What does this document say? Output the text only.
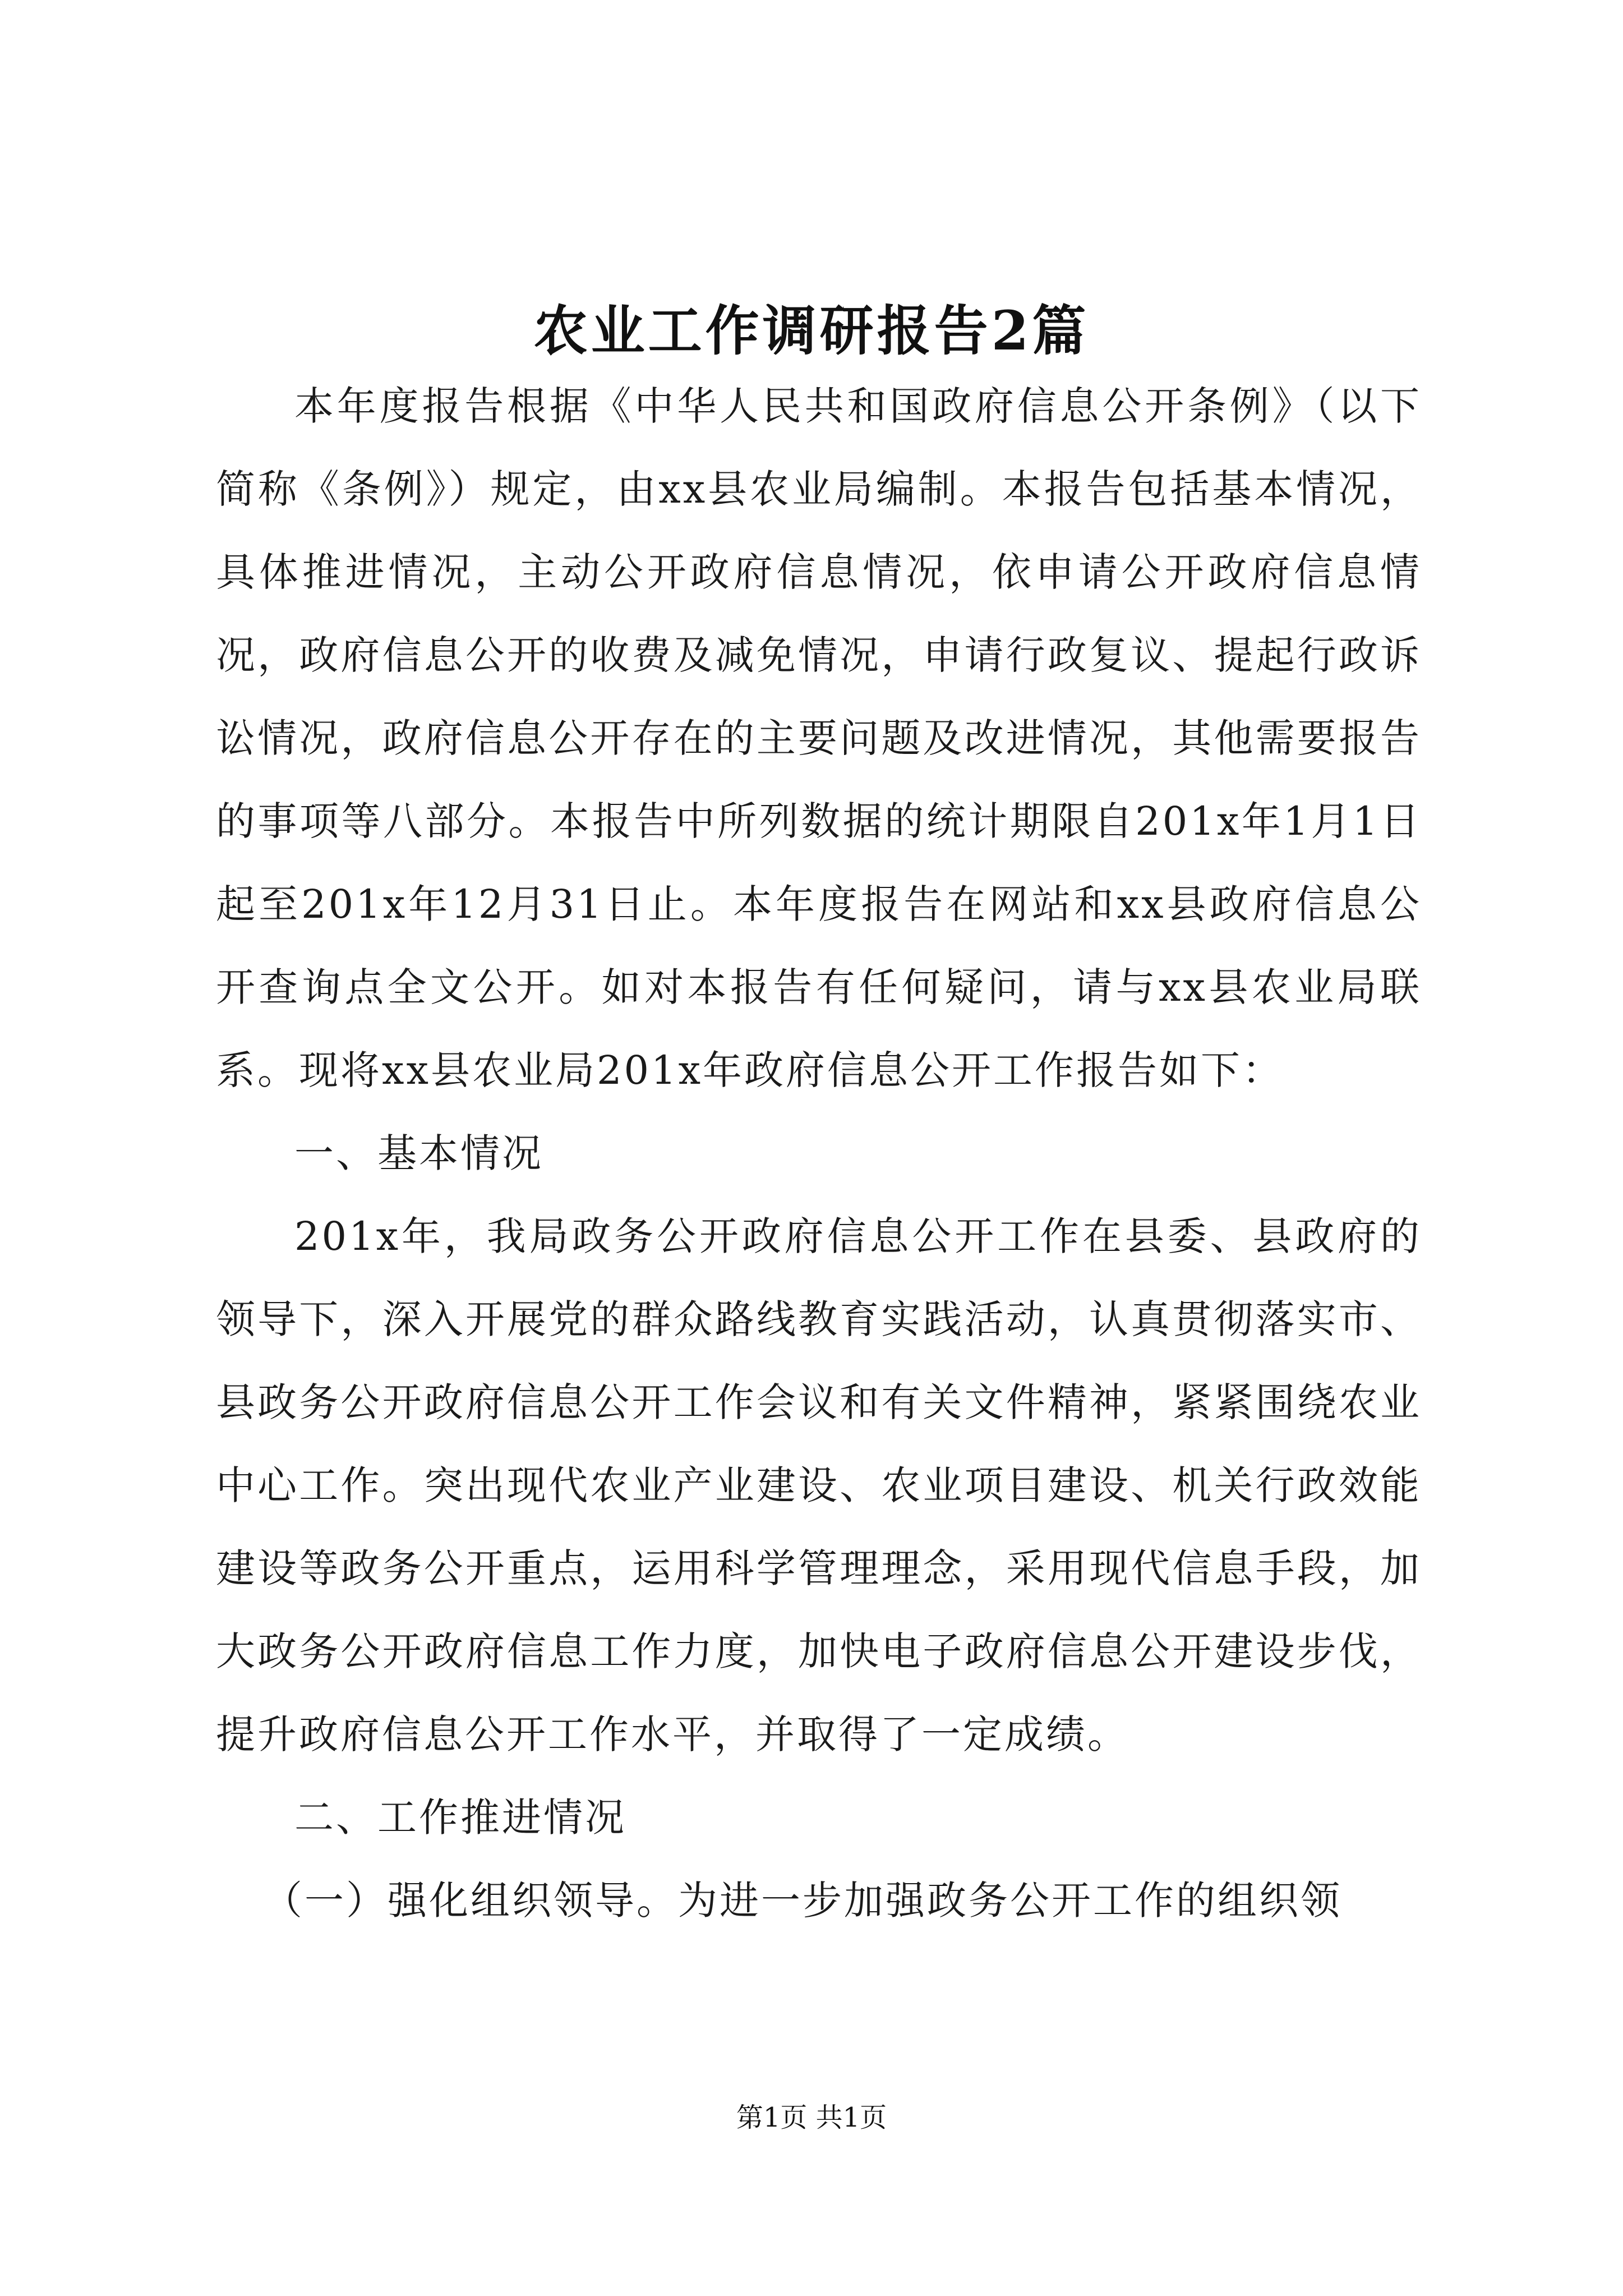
农业工作调研报告2篇

本年度报告根据《中华人民共和国政府信息公开条例》（以下简称《条例》）规定，由xx县农业局编制。本报告包括基本情况，具体推进情况，主动公开政府信息情况，依申请公开政府信息情况，政府信息公开的收费及减免情况，申请行政复议、提起行政诉讼情况，政府信息公开存在的主要问题及改进情况，其他需要报告的事项等八部分。本报告中所列数据的统计期限自201x年1月1日起至201x年12月31日止。本年度报告在网站和xx县政府信息公开查询点全文公开。如对本报告有任何疑问，请与xx县农业局联系。现将xx县农业局201x年政府信息公开工作报告如下：

一、基本情况

201x年，我局政务公开政府信息公开工作在县委、县政府的领导下，深入开展党的群众路线教育实践活动，认真贯彻落实市、县政务公开政府信息公开工作会议和有关文件精神，紧紧围绕农业中心工作。突出现代农业产业建设、农业项目建设、机关行政效能建设等政务公开重点，运用科学管理理念，采用现代信息手段，加大政务公开政府信息工作力度，加快电子政府信息公开建设步伐，提升政府信息公开工作水平，并取得了一定成绩。

二、工作推进情况

（一）强化组织领导。为进一步加强政务公开工作的组织领

第1页 共1页
